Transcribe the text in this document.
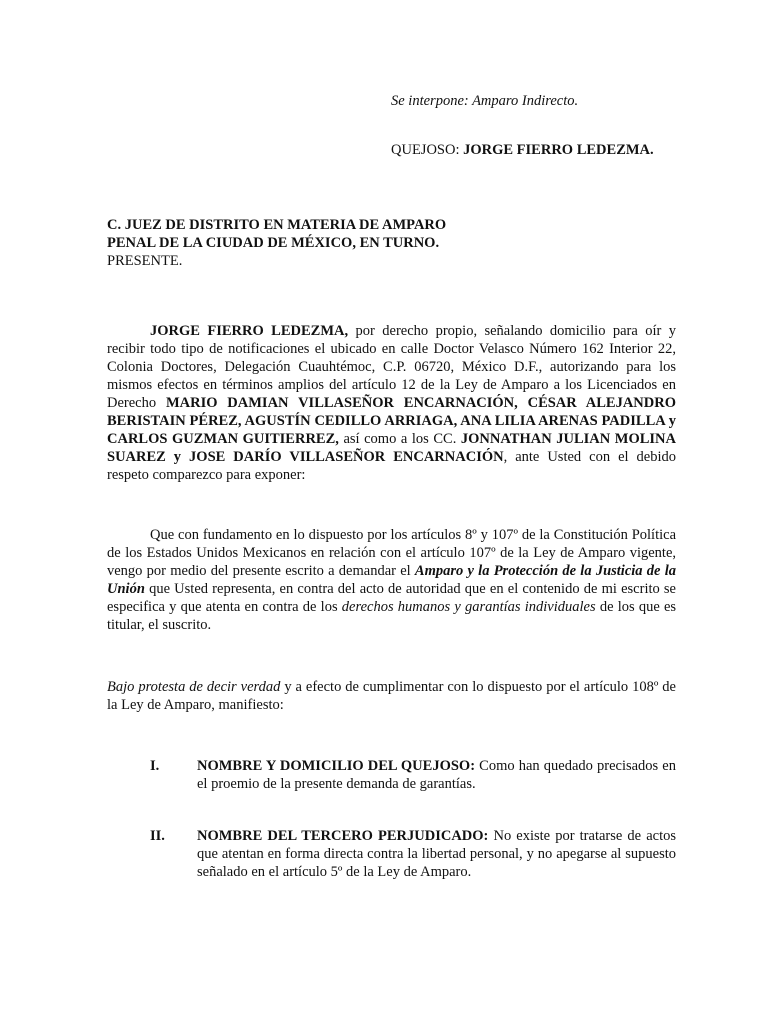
Se interpone: Amparo Indirecto.
QUEJOSO: JORGE FIERRO LEDEZMA.
C. JUEZ DE DISTRITO EN MATERIA DE AMPARO
PENAL DE LA CIUDAD DE MÉXICO, EN TURNO.
PRESENTE.
JORGE FIERRO LEDEZMA, por derecho propio, señalando domicilio para oír y recibir todo tipo de notificaciones el ubicado en calle Doctor Velasco Número 162 Interior 22, Colonia Doctores, Delegación Cuauhtémoc, C.P. 06720, México D.F., autorizando para los mismos efectos en términos amplios del artículo 12 de la Ley de Amparo a los Licenciados en Derecho MARIO DAMIAN VILLASEÑOR ENCARNACIÓN, CÉSAR ALEJANDRO BERISTAIN PÉREZ, AGUSTÍN CEDILLO ARRIAGA, ANA LILIA ARENAS PADILLA y CARLOS GUZMAN GUITIERREZ, así como a los CC. JONNATHAN JULIAN MOLINA SUAREZ y JOSE DARÍO VILLASEÑOR ENCARNACIÓN, ante Usted con el debido respeto comparezco para exponer:
Que con fundamento en lo dispuesto por los artículos 8º y 107º de la Constitución Política de los Estados Unidos Mexicanos en relación con el artículo 107º de la Ley de Amparo vigente, vengo por medio del presente escrito a demandar el Amparo y la Protección de la Justicia de la Unión que Usted representa, en contra del acto de autoridad que en el contenido de mi escrito se especifica y que atenta en contra de los derechos humanos y garantías individuales de los que es titular, el suscrito.
Bajo protesta de decir verdad y a efecto de cumplimentar con lo dispuesto por el artículo 108º de la Ley de Amparo, manifiesto:
I.	NOMBRE Y DOMICILIO DEL QUEJOSO: Como han quedado precisados en el proemio de la presente demanda de garantías.
II. NOMBRE DEL TERCERO PERJUDICADO: No existe por tratarse de actos que atentan en forma directa contra la libertad personal, y no apegarse al supuesto señalado en el artículo 5º de la Ley de Amparo.
